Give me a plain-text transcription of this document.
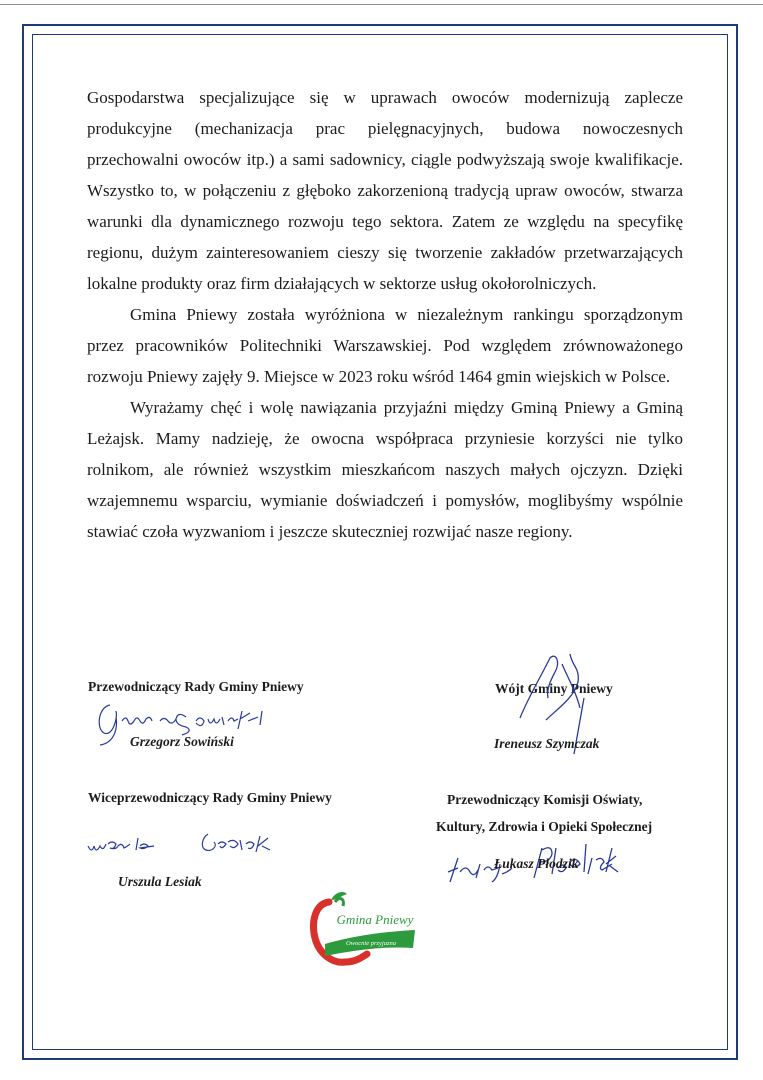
Gospodarstwa specjalizujące się w uprawach owoców modernizują zaplecze produkcyjne (mechanizacja prac pielęgnacyjnych, budowa nowoczesnych przechowalni owoców itp.) a sami sadownicy, ciągle podwyższają swoje kwalifikacje. Wszystko to, w połączeniu z głęboko zakorzenioną tradycją upraw owoców, stwarza warunki dla dynamicznego rozwoju tego sektora. Zatem ze względu na specyfikę regionu, dużym zainteresowaniem cieszy się tworzenie zakładów przetwarzających lokalne produkty oraz firm działających w sektorze usług okołorolniczych.

Gmina Pniewy została wyróżniona w niezależnym rankingu sporządzonym przez pracowników Politechniki Warszawskiej. Pod względem zrównoważonego rozwoju Pniewy zajęły 9. Miejsce w 2023 roku wśród 1464 gmin wiejskich w Polsce.

Wyrażamy chęć i wolę nawiązania przyjaźni między Gminą Pniewy a Gminą Leżajsk. Mamy nadzieję, że owocna współpraca przyniesie korzyści nie tylko rolnikom, ale również wszystkim mieszkańcom naszych małych ojczyzn. Dzięki wzajemnemu wsparciu, wymianie doświadczeń i pomysłów, moglibyśmy wspólnie stawiać czoła wyzwaniom i jeszcze skuteczniej rozwijać nasze regiony.

Przewodniczący Rady Gminy Pniewy
Grzegorz Sowiński
Wójt Gminy Pniewy
Ireneusz Szymczak
Wiceprzewodniczący Rady Gminy Pniewy
Urszula Lesiak
Przewodniczący Komisji Oświaty,
Kultury, Zdrowia i Opieki Społecznej
Łukasz Płodzik
Gmina Pniewy
Owocnie przyjazna
